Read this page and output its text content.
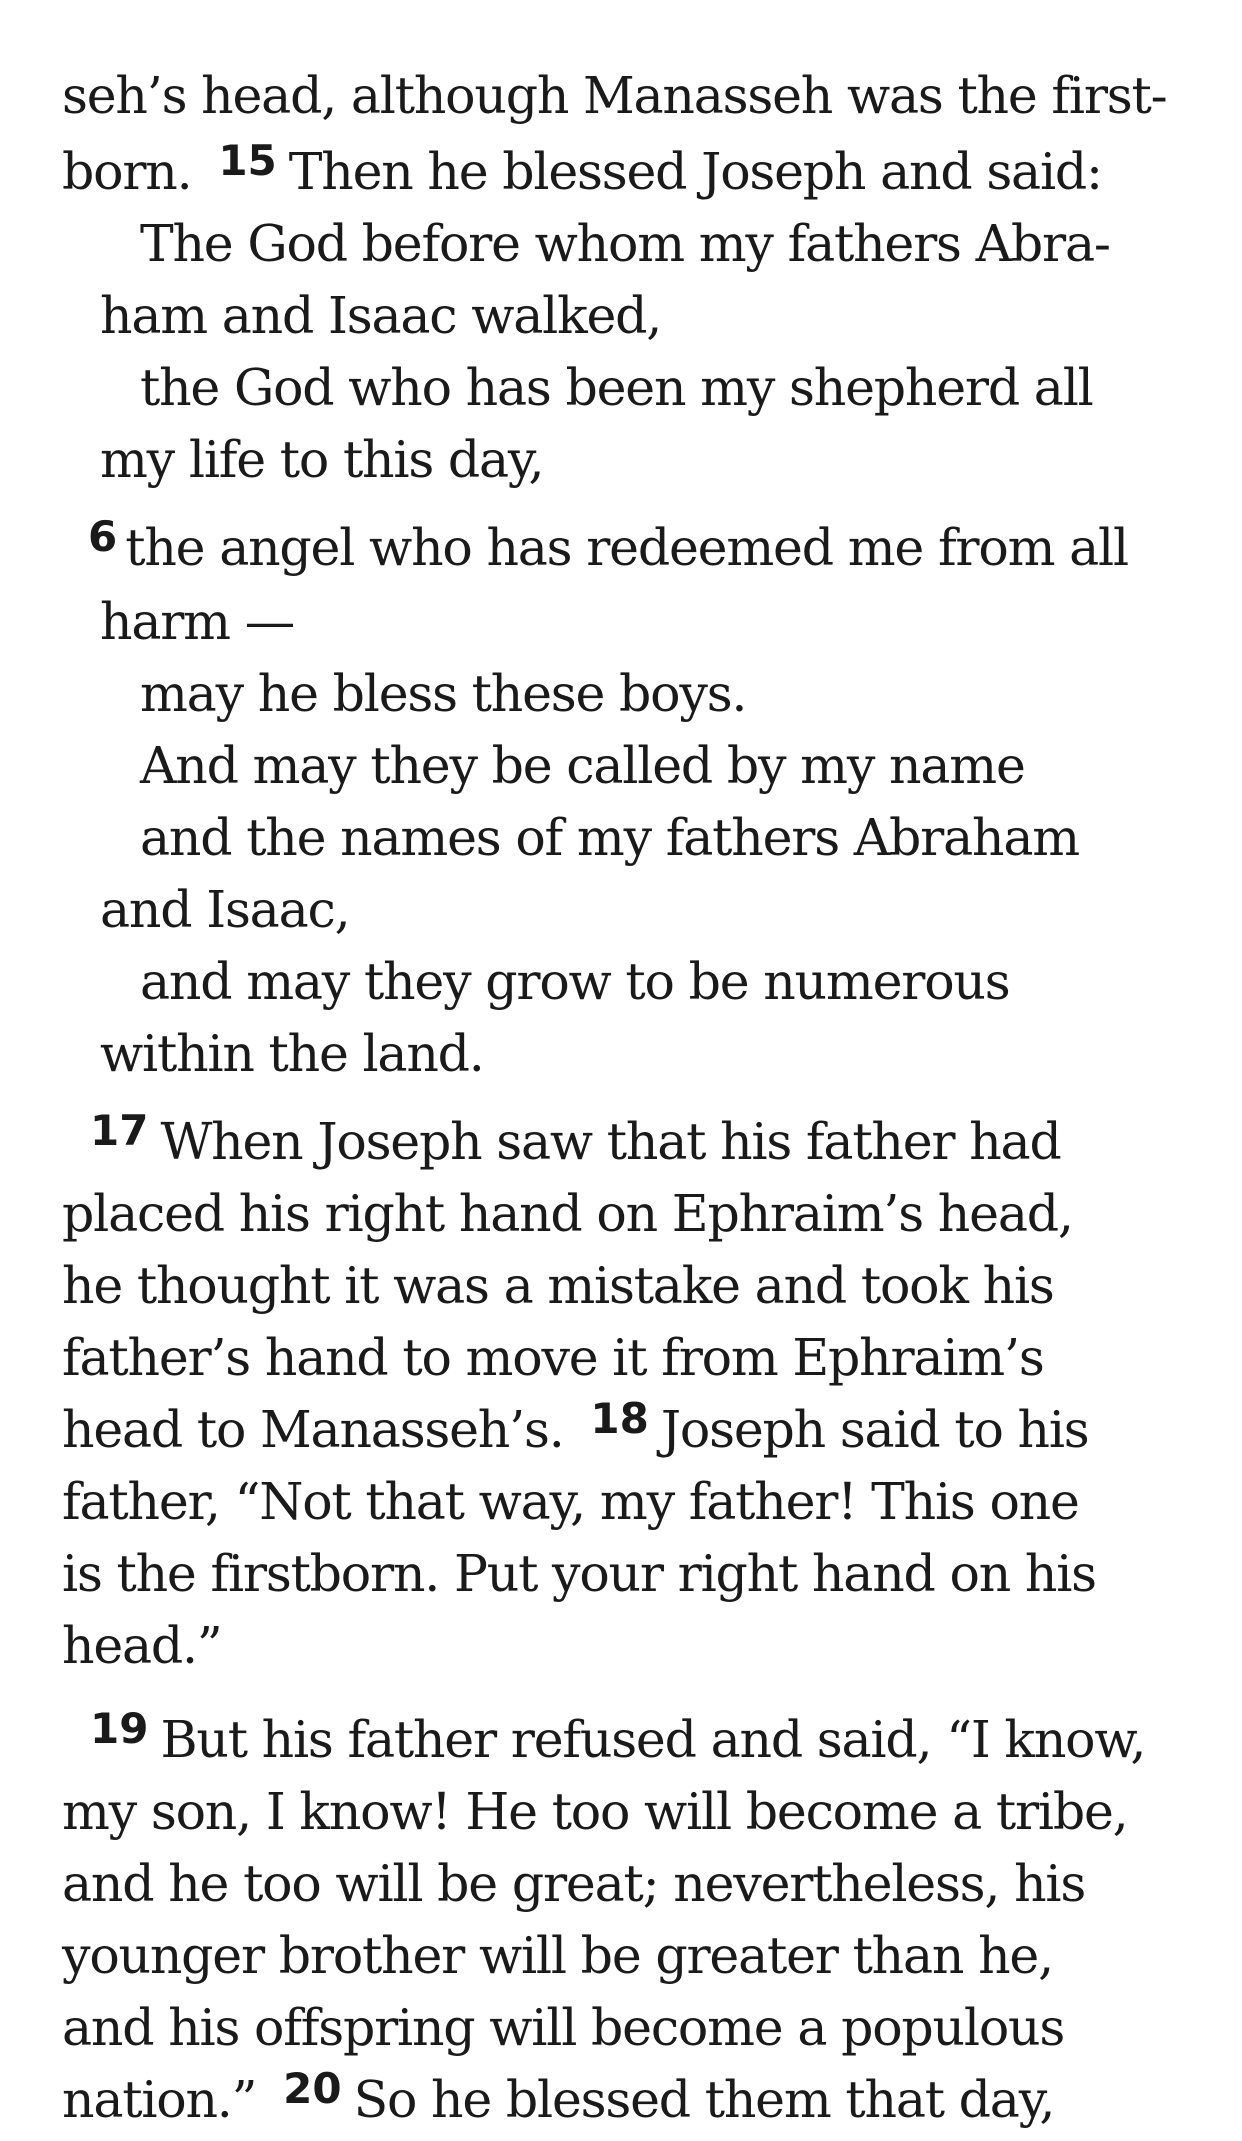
seh’s head, although Manasseh was the first-
born. $^{15}$ Then he blessed Joseph and said:
The God before whom my fathers Abra-
ham and Isaac walked,
the God who has been my shepherd all
my life to this day,
$^6$ the angel who has redeemed me from all
harm —
may he bless these boys.
And may they be called by my name
and the names of my fathers Abraham
and Isaac,
and may they grow to be numerous
within the land.
$^{17}$ When Joseph saw that his father had
placed his right hand on Ephraim’s head,
he thought it was a mistake and took his
father’s hand to move it from Ephraim’s
head to Manasseh’s. $^{18}$ Joseph said to his
father, “Not that way, my father! This one
is the firstborn. Put your right hand on his
head.”
$^{19}$ But his father refused and said, “I know,
my son, I know! He too will become a tribe,
and he too will be great; nevertheless, his
younger brother will be greater than he,
and his offspring will become a populous
nation.” $^{20}$ So he blessed them that day,
